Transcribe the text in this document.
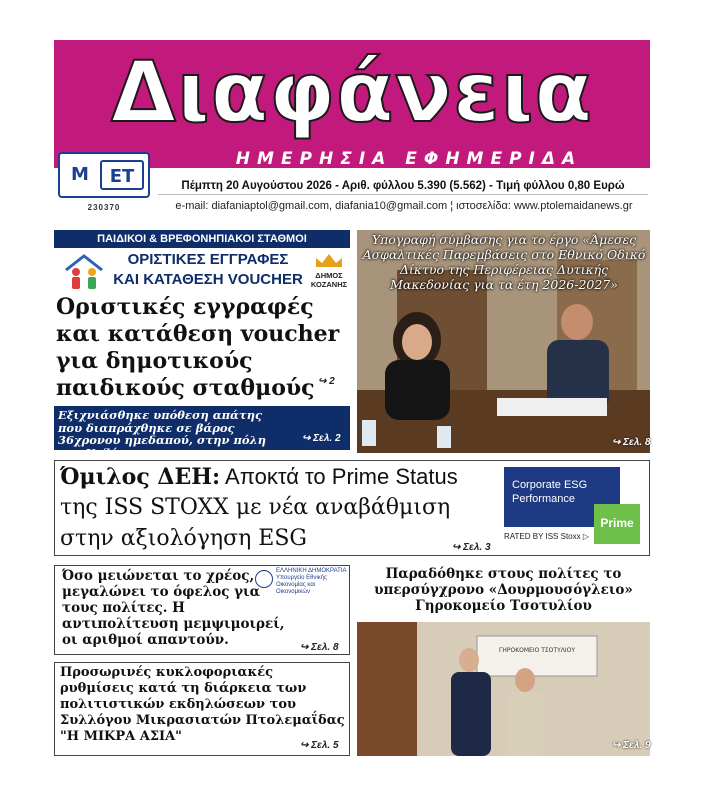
Διαφάνεια
ΗΜΕΡΗΣΙΑ ΕΦΗΜΕΡΙΔΑ
Μ	ΕΤ
230370
Πέμπτη 20 Αυγούστου 2026 - Αριθ. φύλλου 5.390 (5.562) - Τιμή φύλλου 0,80 Ευρώ
e-mail: diafaniaptol@gmail.com, diafania10@gmail.com ¦ ιστοσελίδα: www.ptolemaidanews.gr
ΠΑΙΔΙΚΟΙ & ΒΡΕΦΟΝΗΠΙΑΚΟΙ ΣΤΑΘΜΟΙ
ΟΡΙΣΤΙΚΕΣ ΕΓΓΡΑΦΕΣ
ΚΑΙ ΚΑΤΑΘΕΣΗ VOUCHER	ΔΗΜΟΣ
ΚΟΖΑΝΗΣ
Οριστικές εγγραφές και κατάθεση voucher για δημοτικούς παιδικούς σταθμούς ↪ 2
Εξιχνιάσθηκε υπόθεση απάτης που διαπράχθηκε σε βάρος 36χρονου ημεδαπού, στην πόλη της Κοζάνης
↪ Σελ. 2
Υπογραφή σύμβασης για το έργο «Άμεσες Ασφαλτικές Παρεμβάσεις στο Εθνικό Οδικό Δίκτυο της Περιφέρειας Δυτικής Μακεδονίας για τα έτη 2026-2027»
↪ Σελ. 8
Όμιλος ΔΕΗ: Αποκτά το Prime Status
της ISS STOXX με νέα αναβάθμιση
στην αξιολόγηση ESG
Corporate ESG Performance
Prime
RATED BY ISS Stoxx ▷
↪ Σελ. 3
Όσο μειώνεται το χρέος, μεγαλώνει το όφελος για τους πολίτες. Η αντιπολίτευση μεμψιμοιρεί, οι αριθμοί απαντούν.
ΕΛΛΗΝΙΚΗ ΔΗΜΟΚΡΑΤΙΑ Υπουργείο Εθνικής Οικονομίας και Οικονομικών
↪ Σελ. 8
Προσωρινές κυκλοφοριακές ρυθμίσεις κατά τη διάρκεια των πολιτιστικών εκδηλώσεων του Συλλόγου Μικρασιατών Πτολεμαΐδας "Η ΜΙΚΡΑ ΑΣΙΑ"
↪ Σελ. 5
Παραδόθηκε στους πολίτες το υπερσύγχρονο «Δουρμουσόγλειο» Γηροκομείο Τσοτυλίου
ΓΗΡΟΚΟΜΕΙΟ ΤΣΟΤΥΛΙΟΥ
↪ Σελ. 9
